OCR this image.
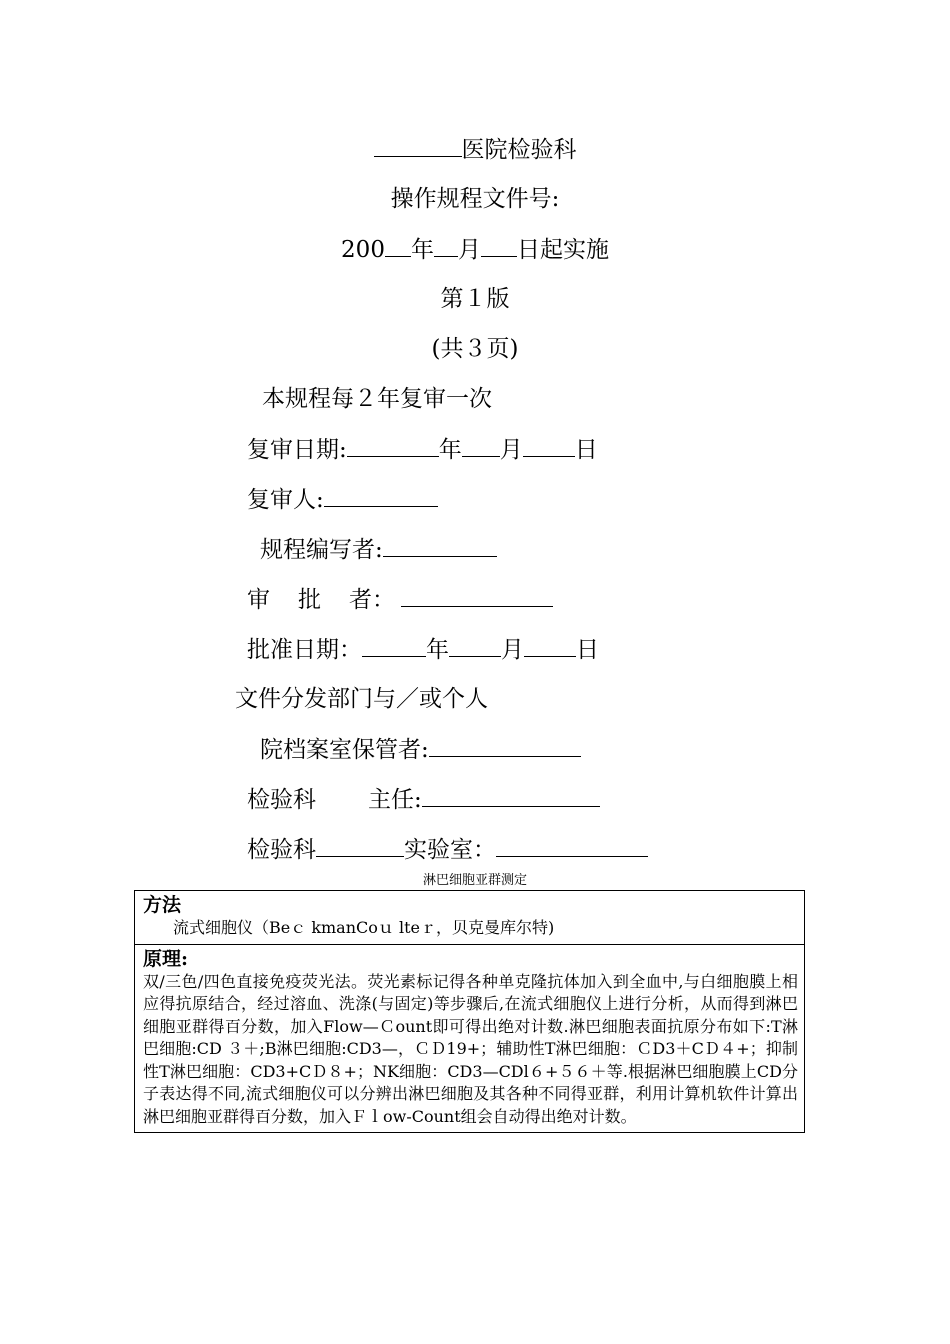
医院检验科
操作规程文件号:
200 年 月 日起实施
第１版
(共３页)
本规程每２年复审一次
复审日期:	年 月 日
复审人:
规程编写者:
审 批 者：
批准日期：	年 月 日
文件分发部门与／或个人
院档案室保管者:
检验科 主任:
检验科	实验室：
淋巴细胞亚群测定
方法
流式细胞仪（Beｃ kmanCoｕ lteｒ，贝克曼库尔特)

原理:
双/三色/四色直接免疫荧光法。荧光素标记得各种单克隆抗体加入到全血中,与白细胞膜上相应得抗原结合，经过溶血、洗涤(与固定)等步骤后,在流式细胞仪上进行分析，从而得到淋巴细胞亚群得百分数，加入Flow—Ｃount即可得出绝对计数.淋巴细胞表面抗原分布如下:T淋巴细胞:CD ３＋;B淋巴细胞:CD3—，ＣＤ19+；辅助性T淋巴细胞：ＣD3＋CＤ４+；抑制性T淋巴细胞：CD3+CＤ８+；NK细胞：CD3—CDl６+５６＋等.根据淋巴细胞膜上CD分子表达得不同,流式细胞仪可以分辨出淋巴细胞及其各种不同得亚群，利用计算机软件计算出淋巴细胞亚群得百分数，加入Ｆｌow-Count组会自动得出绝对计数。
